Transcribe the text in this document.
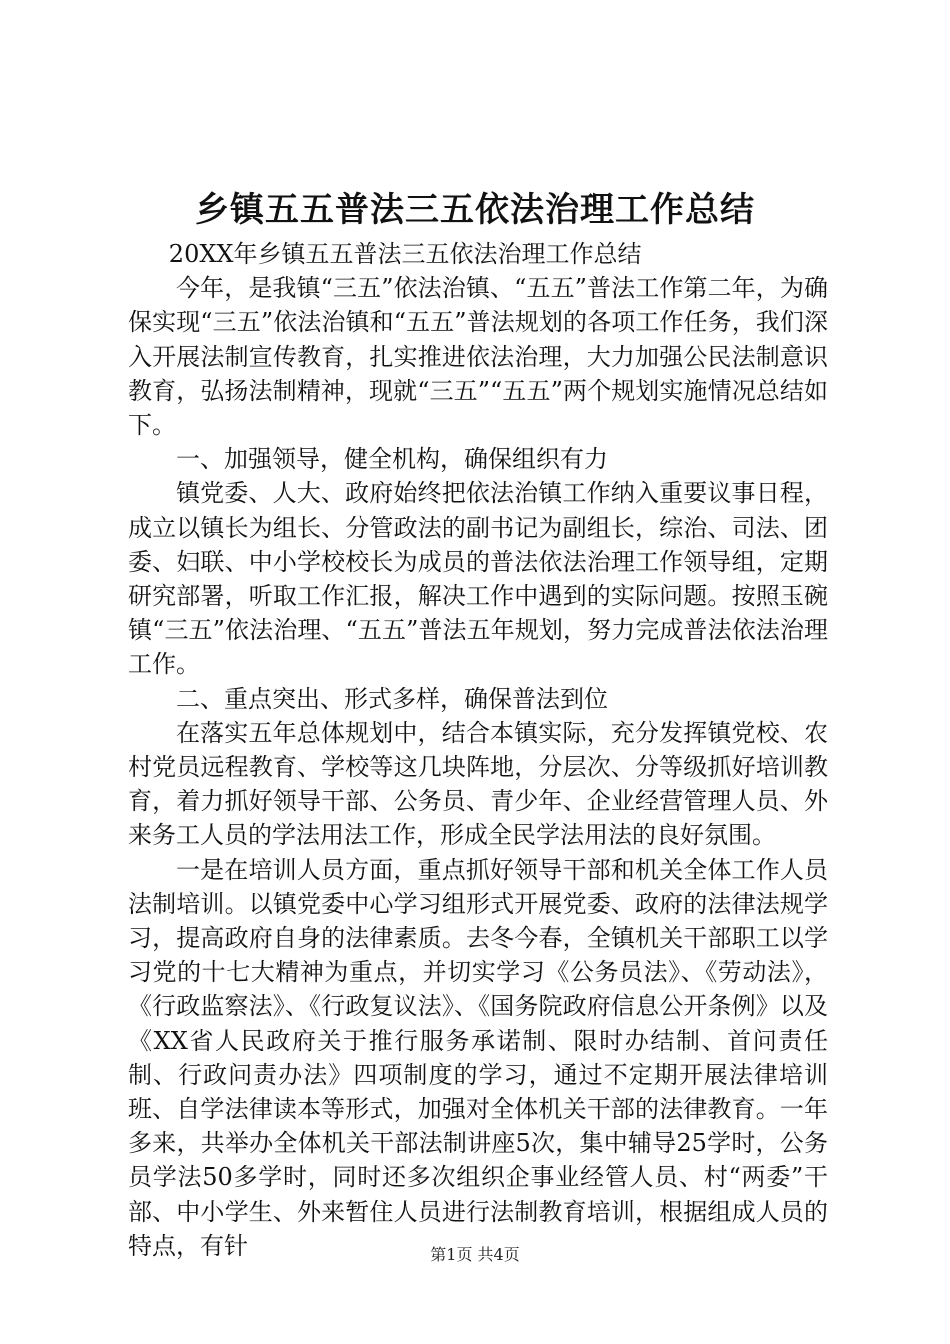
乡镇五五普法三五依法治理工作总结

20XX年乡镇五五普法三五依法治理工作总结

今年，是我镇“三五”依法治镇、“五五”普法工作第二年，为确保实现“三五”依法治镇和“五五”普法规划的各项工作任务，我们深入开展法制宣传教育，扎实推进依法治理，大力加强公民法制意识教育，弘扬法制精神，现就“三五”“五五”两个规划实施情况总结如下。

一、加强领导，健全机构，确保组织有力

镇党委、人大、政府始终把依法治镇工作纳入重要议事日程，成立以镇长为组长、分管政法的副书记为副组长，综治、司法、团委、妇联、中小学校校长为成员的普法依法治理工作领导组，定期研究部署，听取工作汇报，解决工作中遇到的实际问题。按照玉碗镇“三五”依法治理、“五五”普法五年规划，努力完成普法依法治理工作。

二、重点突出、形式多样，确保普法到位

在落实五年总体规划中，结合本镇实际，充分发挥镇党校、农村党员远程教育、学校等这几块阵地，分层次、分等级抓好培训教育，着力抓好领导干部、公务员、青少年、企业经营管理人员、外来务工人员的学法用法工作，形成全民学法用法的良好氛围。

一是在培训人员方面，重点抓好领导干部和机关全体工作人员法制培训。以镇党委中心学习组形式开展党委、政府的法律法规学习，提高政府自身的法律素质。去冬今春，全镇机关干部职工以学习党的十七大精神为重点，并切实学习《公务员法》、《劳动法》，《行政监察法》、《行政复议法》、《国务院政府信息公开条例》以及《XX省人民政府关于推行服务承诺制、限时办结制、首问责任制、行政问责办法》四项制度的学习，通过不定期开展法律培训班、自学法律读本等形式，加强对全体机关干部的法律教育。一年多来，共举办全体机关干部法制讲座5次，集中辅导25学时，公务员学法50多学时，同时还多次组织企事业经管人员、村“两委”干部、中小学生、外来暂住人员进行法制教育培训，根据组成人员的特点，有针	第1页 共4页
